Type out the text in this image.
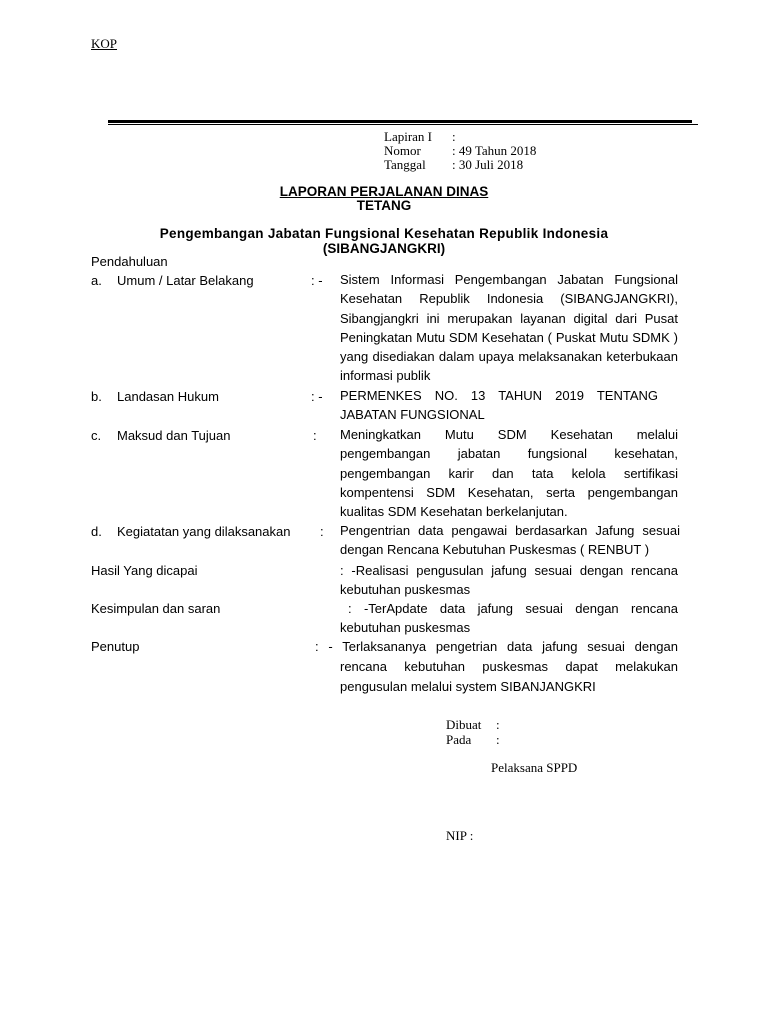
KOP
Lapiran I :
Nomor : 49 Tahun 2018
Tanggal : 30 Juli 2018
LAPORAN PERJALANAN DINAS
TETANG
Pengembangan Jabatan Fungsional Kesehatan Republik Indonesia
(SIBANGJANGKRI)
Pendahuluan
a. Umum / Latar Belakang	: - Sistem Informasi Pengembangan Jabatan Fungsional Kesehatan Republik Indonesia (SIBANGJANGKRI), Sibangjangkri ini merupakan layanan digital dari Pusat Peningkatan Mutu SDM Kesehatan ( Puskat Mutu SDMK ) yang disediakan dalam upaya melaksanakan keterbukaan informasi publik
b. Landasan Hukum	: - PERMENKES NO. 13 TAHUN 2019 TENTANG JABATAN FUNGSIONAL
c. Maksud dan Tujuan	: Meningkatkan Mutu SDM Kesehatan melalui pengembangan jabatan fungsional kesehatan, pengembangan karir dan tata kelola sertifikasi kompentensi SDM Kesehatan, serta pengembangan kualitas SDM Kesehatan berkelanjutan.
d. Kegiatatan yang dilaksanakan : Pengentrian data pengawai berdasarkan Jafung sesuai dengan Rencana Kebutuhan Puskesmas ( RENBUT )
Hasil Yang dicapai	: -Realisasi pengusulan jafung sesuai dengan rencana
kebutuhan puskesmas
Kesimpulan dan saran	: -TerApdate data jafung sesuai dengan rencana
kebutuhan puskesmas
Penutup	: - Terlaksananya pengetrian data jafung sesuai dengan
rencana kebutuhan puskesmas dapat melakukan
pengusulan melalui system SIBANJANGKRI
Dibuat :
Pada :
Pelaksana SPPD
NIP :
